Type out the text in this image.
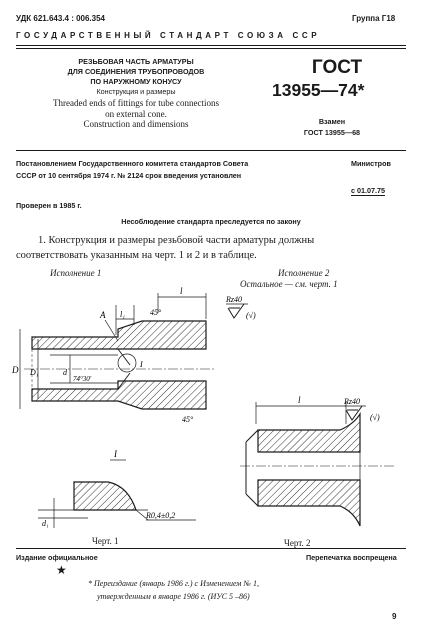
УДК 621.643.4 : 006.354	Группа Г18
ГОСУДАРСТВЕННЫЙ СТАНДАРТ СОЮЗА ССР
РЕЗЬБОВАЯ ЧАСТЬ АРМАТУРЫ
ДЛЯ СОЕДИНЕНИЯ ТРУБОПРОВОДОВ
ПО НАРУЖНОМУ КОНУСУ
Конструкция и размеры
Threaded ends of fittings for tube connections
on external cone.
Construction and dimensions
ГОСТ
13955—74*
Взамен
ГОСТ 13955—68
Постановлением Государственного комитета стандартов Совета	Министров
СССР от 10 сентября 1974 г. № 2124 срок введения установлен
с 01.07.75
Проверен в 1985 г.
Несоблюдение стандарта преследуется по закону
1. Конструкция и размеры резьбовой части арматуры должны
соответствовать указанным на черт. 1 и 2 и в таблице.
Исполнение 1	Исполнение 2
Остальное — см. черт. 1
l
l₁	45°
А
D D₁	d
74°30'
I
45°
Rz40
(√)
l	Rz40
(√)
I
d₁
R0,4±0,2
Черт. 1	Черт. 2
Издание официальное	Перепечатка воспрещена
★
* Переиздание (январь 1986 г.) с Изменением № 1,
утвержденным в январе 1986 г. (ИУС 5 –86)
9
